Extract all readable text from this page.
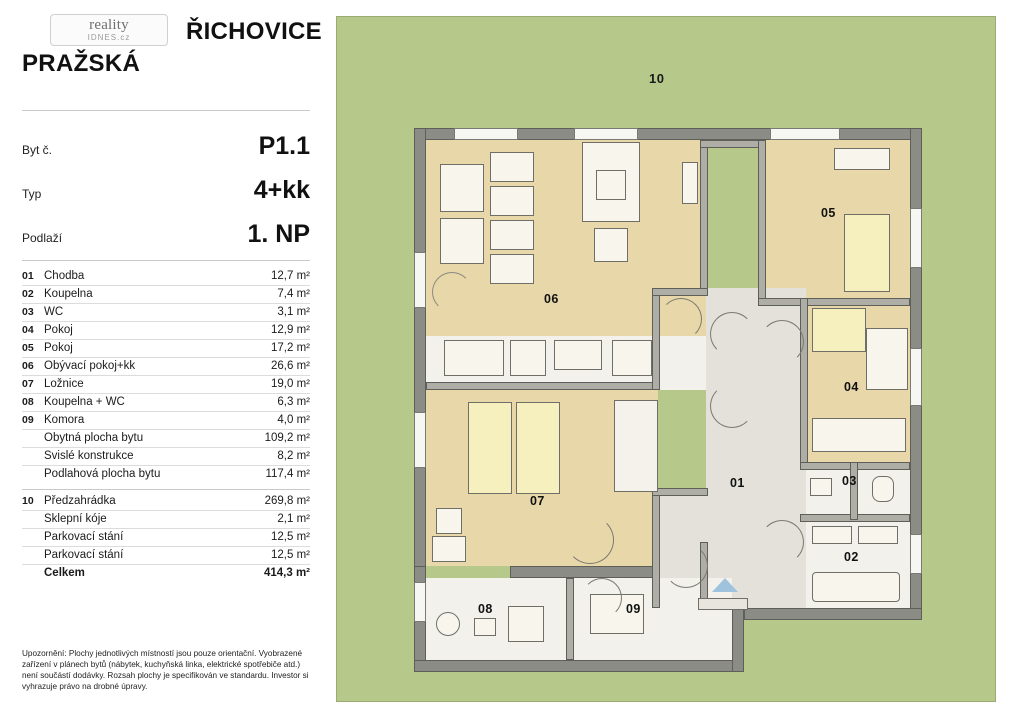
reality
IDNES.cz	ŘICHOVICE
PRAŽSKÁ
Byt č.	P1.1
Typ	4+kk
Podlaží	1. NP
01 Chodba	12,7 m²
02 Koupelna	7,4 m²
03 WC	3,1 m²
04 Pokoj	12,9 m²
05 Pokoj	17,2 m²
06 Obývací pokoj+kk	26,6 m²
07 Ložnice	19,0 m²
08 Koupelna + WC	6,3 m²
09 Komora	4,0 m²
Obytná plocha bytu	109,2 m²
Svislé konstrukce	8,2 m²
Podlahová plocha bytu	117,4 m²
10 Předzahrádka	269,8 m²
Sklepní kóje	2,1 m²
Parkovací stání	12,5 m²
Parkovací stání	12,5 m²
Celkem	414,3 m²
Upozornění: Plochy jednotlivých místností jsou pouze orientační. Vyobrazené zařízení v plánech bytů (nábytek, kuchyňská linka, elektrické spotřebiče atd.) není součástí dodávky. Rozsah plochy je specifikován ve standardu. Investor si vyhrazuje právo na drobné úpravy.
10
06
05
04
07
01	03
02
08	09
